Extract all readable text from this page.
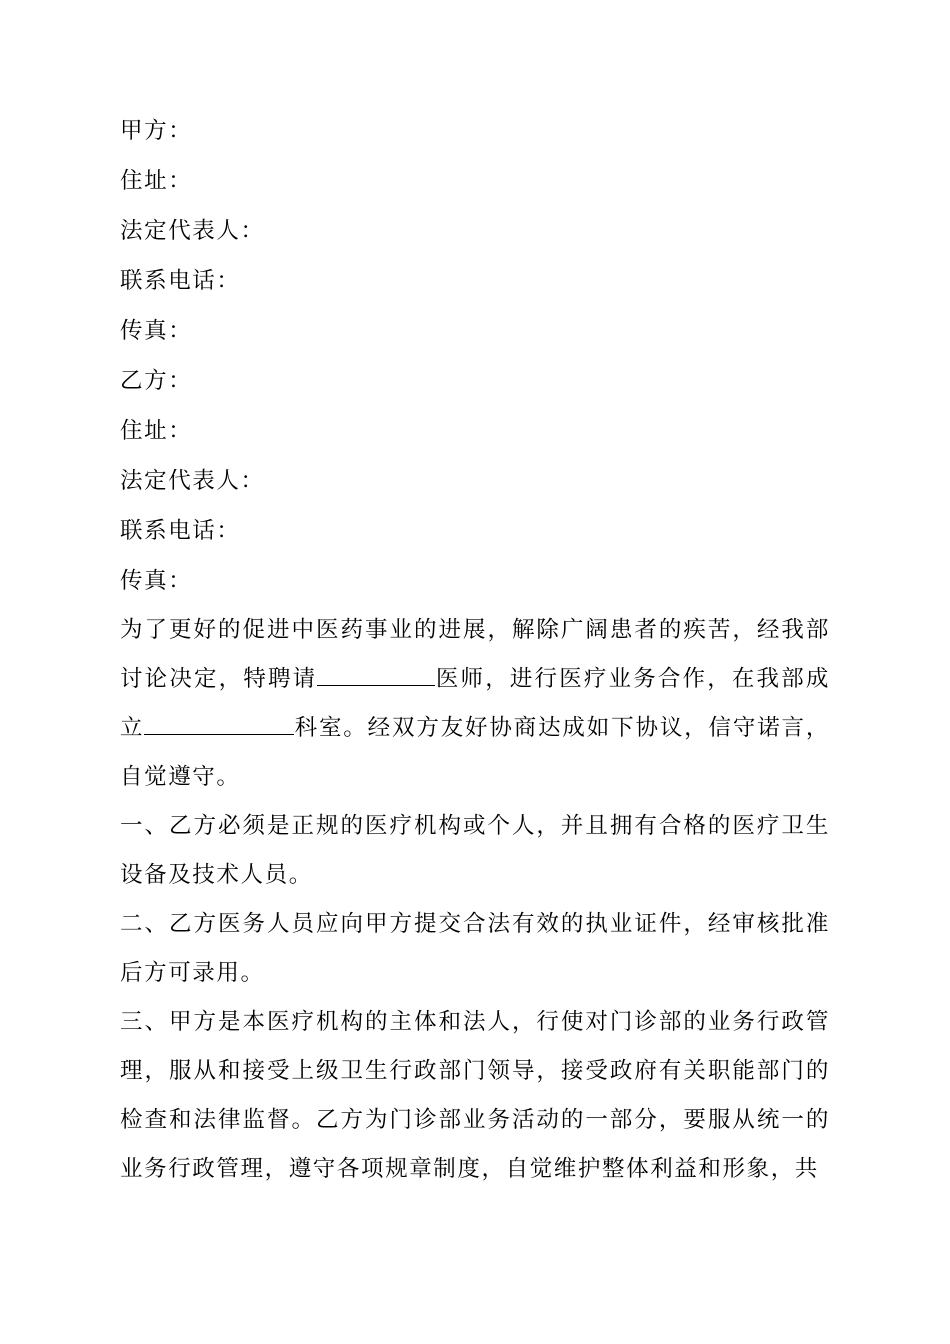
甲方：
住址：
法定代表人：
联系电话：
传真：
乙方：
住址：
法定代表人：
联系电话：
传真：

为了更好的促进中医药事业的进展，解除广阔患者的疾苦，经我部讨论决定，特聘请	医师，进行医疗业务合作，在我部成立	科室。经双方友好协商达成如下协议，信守诺言，自觉遵守。

一、乙方必须是正规的医疗机构或个人，并且拥有合格的医疗卫生设备及技术人员。

二、乙方医务人员应向甲方提交合法有效的执业证件，经审核批准后方可录用。

三、甲方是本医疗机构的主体和法人，行使对门诊部的业务行政管理，服从和接受上级卫生行政部门领导，接受政府有关职能部门的检查和法律监督。乙方为门诊部业务活动的一部分，要服从统一的业务行政管理，遵守各项规章制度，自觉维护整体利益和形象，共
